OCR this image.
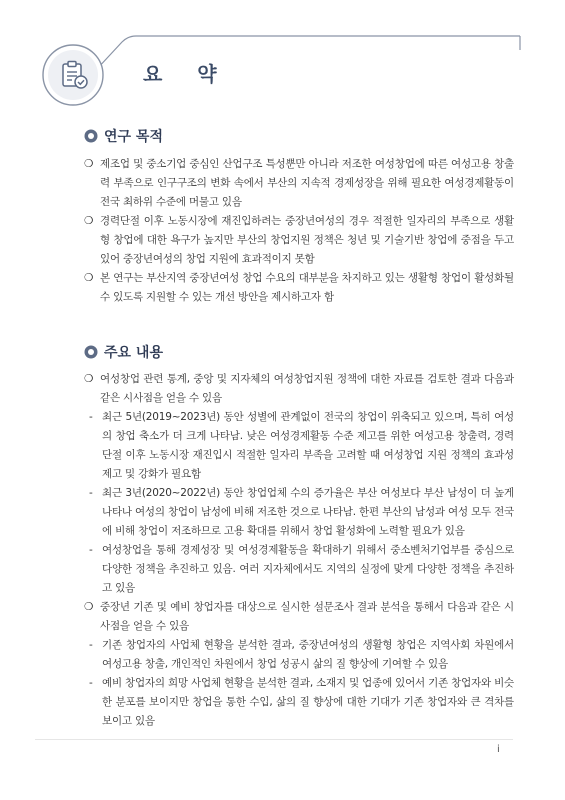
요 약
연구 목적
❍ 제조업 및 중소기업 중심인 산업구조 특성뿐만 아니라 저조한 여성창업에 따른 여성고용 창출력 부족으로 인구구조의 변화 속에서 부산의 지속적 경제성장을 위해 필요한 여성경제활동이 전국 최하위 수준에 머물고 있음
❍ 경력단절 이후 노동시장에 재진입하려는 중장년여성의 경우 적절한 일자리의 부족으로 생활형 창업에 대한 욕구가 높지만 부산의 창업지원 정책은 청년 및 기술기반 창업에 중점을 두고 있어 중장년여성의 창업 지원에 효과적이지 못함
❍ 본 연구는 부산지역 중장년여성 창업 수요의 대부분을 차지하고 있는 생활형 창업이 활성화될 수 있도록 지원할 수 있는 개선 방안을 제시하고자 함
주요 내용
❍ 여성창업 관련 통계, 중앙 및 지자체의 여성창업지원 정책에 대한 자료를 검토한 결과 다음과 같은 시사점을 얻을 수 있음
- 최근 5년(2019~2023년) 동안 성별에 관계없이 전국의 창업이 위축되고 있으며, 특히 여성의 창업 축소가 더 크게 나타남. 낮은 여성경제활동 수준 제고를 위한 여성고용 창출력, 경력단절 이후 노동시장 재진입시 적절한 일자리 부족을 고려할 때 여성창업 지원 정책의 효과성 제고 및 강화가 필요함
- 최근 3년(2020~2022년) 동안 창업업체 수의 증가율은 부산 여성보다 부산 남성이 더 높게 나타나 여성의 창업이 남성에 비해 저조한 것으로 나타남. 한편 부산의 남성과 여성 모두 전국에 비해 창업이 저조하므로 고용 확대를 위해서 창업 활성화에 노력할 필요가 있음
- 여성창업을 통해 경제성장 및 여성경제활동을 확대하기 위해서 중소벤처기업부를 중심으로 다양한 정책을 추진하고 있음. 여러 지자체에서도 지역의 실정에 맞게 다양한 정책을 추진하고 있음
❍ 중장년 기존 및 예비 창업자를 대상으로 실시한 설문조사 결과 분석을 통해서 다음과 같은 시사점을 얻을 수 있음
- 기존 창업자의 사업체 현황을 분석한 결과, 중장년여성의 생활형 창업은 지역사회 차원에서 여성고용 창출, 개인적인 차원에서 창업 성공시 삶의 질 향상에 기여할 수 있음
- 예비 창업자의 희망 사업체 현황을 분석한 결과, 소재지 및 업종에 있어서 기존 창업자와 비슷한 분포를 보이지만 창업을 통한 수입, 삶의 질 향상에 대한 기대가 기존 창업자와 큰 격차를 보이고 있음
i
